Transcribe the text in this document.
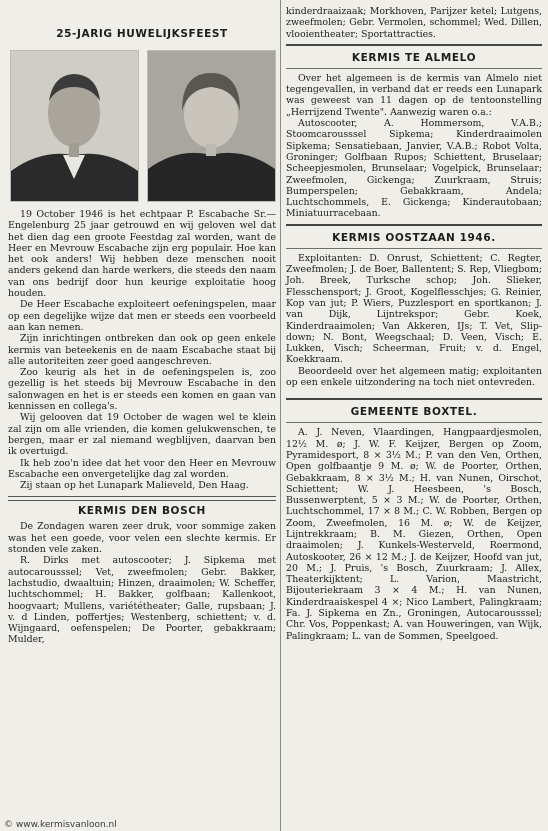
25-JARIG HUWELIJKSFEEST

19 October 1946 is het echtpaar P. Escabache Sr.—Engelenburg 25 jaar getrouwd en wij geloven wel dat het dien dag een groote Feestdag zal worden, want de Heer en Mevrouw Escabache zijn erg populair. Hoe kan het ook anders! Wij hebben deze menschen nooit anders gekend dan harde werkers, die steeds den naam van ons bedrijf door hun keurige exploitatie hoog houden.

De Heer Escabache exploiteert oefeningspelen, maar op een degelijke wijze dat men er steeds een voorbeeld aan kan nemen.

Zijn inrichtingen ontbreken dan ook op geen enkele kermis van beteekenis en de naam Escabache staat bij alle autoriteiten zeer goed aangeschreven.

Zoo keurig als het in de oefeningspelen is, zoo gezellig is het steeds bij Mevrouw Escabache in den salonwagen en het is er steeds een komen en gaan van kennissen en collega's.

Wij gelooven dat 19 October de wagen wel te klein zal zijn om alle vrienden, die komen gelukwenschen, te bergen, maar er zal niemand wegblijven, daarvan ben ik overtuigd.

Ik heb zoo'n idee dat het voor den Heer en Mevrouw Escabache een onvergetelijke dag zal worden.

Zij staan op het Lunapark Malieveld, Den Haag.

KERMIS DEN BOSCH

De Zondagen waren zeer druk, voor sommige zaken was het een goede, voor velen een slechte kermis. Er stonden vele zaken.

R. Dirks met autoscooter; J. Sipkema met autocarousssel; Vet, zweefmolen; Gebr. Bakker, lachstudio, dwaaltuin; Hinzen, draaimolen; W. Scheffer, luchtschommel; H. Bakker, golfbaan; Kallenkoot, hoogvaart; Mullens, variététheater; Galle, rupsbaan; J. v. d Linden, poffertjes; Westenberg, schiettent; v. d. Wijngaard, oefenspelen; De Poorter, gebakkraam; Mulder,

kinderdraaizaak; Morkhoven, Parijzer ketel; Lutgens, zweefmolen; Gebr. Vermolen, schommel; Wed. Dillen, vlooientheater; Sportattracties.

KERMIS TE ALMELO

Over het algemeen is de kermis van Almelo niet tegengevallen, in verband dat er reeds een Lunapark was geweest van 11 dagen op de tentoonstelling „Herrijzend Twente". Aanwezig waren o.a.:

Autoscooter, A. Hommersom, V.A.B.; Stoomcarousssel Sipkema; Kinderdraaimolen Sipkema; Sensatiebaan, Janvier, V.A.B.; Robot Volta, Groninger; Golfbaan Rupos; Schiettent, Bruselaar; Scheepjesmolen, Brunselaar; Vogelpick, Brunselaar; Zweefmolen, Gickenga; Zuurkraam, Struis; Bumperspelen; Gebakkraam, Andela; Luchtschommels, E. Gickenga; Kinderautobaan; Miniatuurracebaan.

KERMIS OOSTZAAN 1946.

Exploitanten: D. Onrust, Schiettent; C. Regter, Zweefmolen; J. de Boer, Ballentent; S. Rep, Vliegbom; Joh. Breek, Turksche schop; Joh. Slieker, Flesschensport; J. Groot, Kogelflesschjes; G. Reinier, Kop van jut; P. Wiers, Puzzlesport en sportkanon; J. van Dijk, Lijntrekspor; Gebr. Koek, Kinderdraaimolen; Van Akkeren, IJs; T. Vet, Slip-down; N. Bont, Weegschaal; D. Veen, Visch; E. Lukken, Visch; Scheerman, Fruit; v. d. Engel, Koekkraam.

Beoordeeld over het algemeen matig; exploitanten op een enkele uitzondering na toch niet ontevreden.

GEMEENTE BOXTEL.

A. J. Neven, Vlaardingen, Hangpaardjesmolen, 12½ M. ø; J. W. F. Keijzer, Bergen op Zoom, Pyramidesport, 8 × 3½ M.; P. van den Ven, Orthen, Open golfbaantje 9 M. ø; W. de Poorter, Orthen, Gebakkraam, 8 × 3½ M.; H. van Nunen, Oirschot, Schiettent; W. J. Heesbeen, 's Bosch, Bussenwerptent, 5 × 3 M.; W. de Poorter, Orthen, Luchtschommel, 17 × 8 M.; C. W. Robben, Bergen op Zoom, Zweefmolen, 16 M. ø; W. de Keijzer, Lijntrekkraam; B. M. Giezen, Orthen, Open draaimolen; J. Kunkels-Westerveld, Roermond, Autoskooter, 26 × 12 M.; J. de Keijzer, Hoofd van jut, 20 M.; J. Pruis, 's Bosch, Zuurkraam; J. Allex, Theaterkijktent; L. Varion, Maastricht, Bijouteriekraam 3 × 4 M.; H. van Nunen, Kinderdraaiskespel 4 ×; Nico Lambert, Palingkraam; Fa. J. Sipkema en Zn., Groningen, Autocarousssel; Chr. Vos, Poppenkast; A. van Houweringen, van Wijk, Palingkraam; L. van de Sommen, Speelgoed.

© www.kermisvanloon.nl
